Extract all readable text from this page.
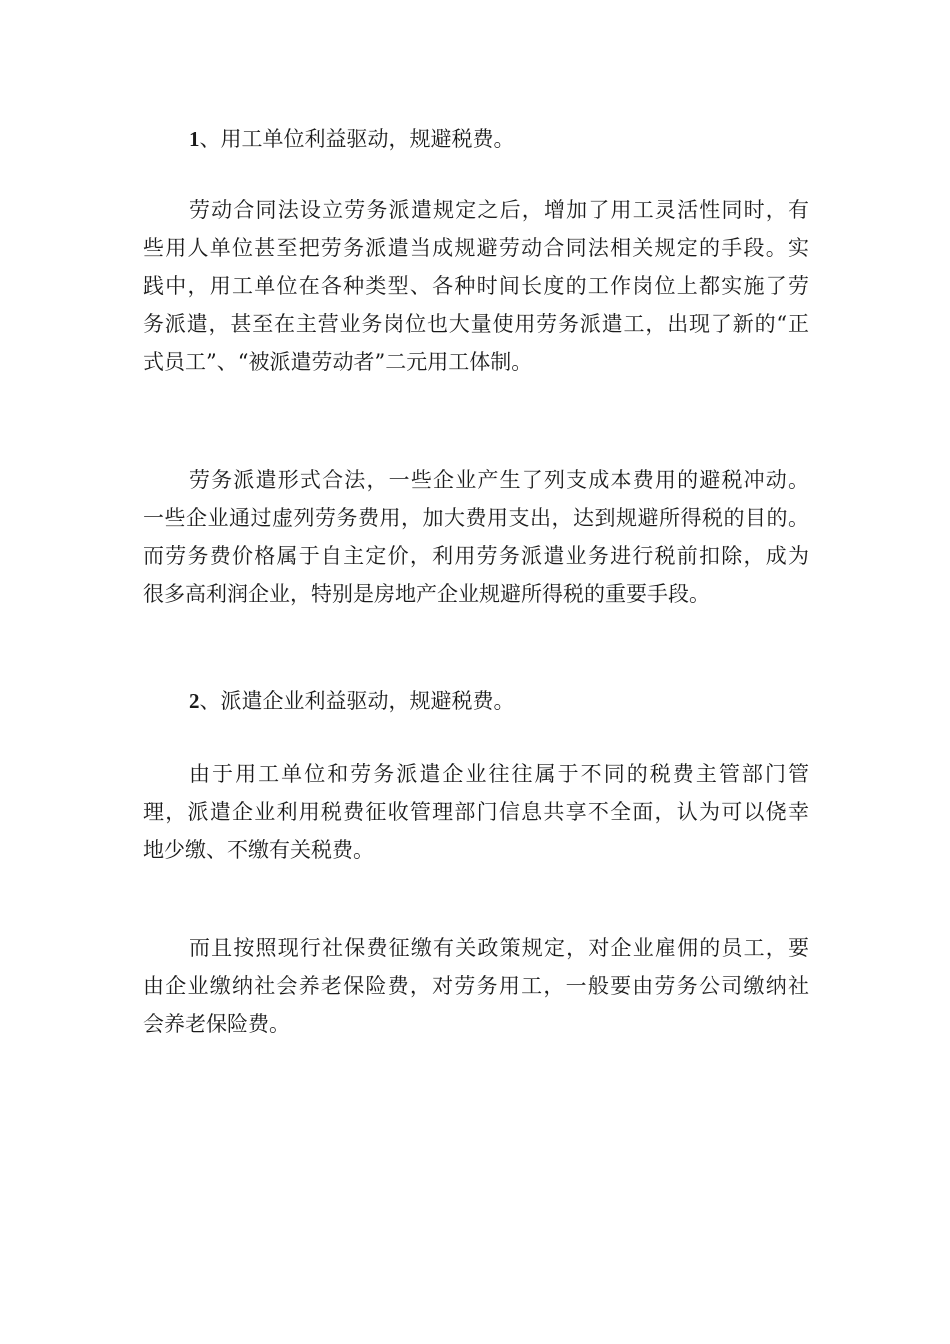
1、用工单位利益驱动，规避税费。
劳动合同法设立劳务派遣规定之后，增加了用工灵活性同时，有
些用人单位甚至把劳务派遣当成规避劳动合同法相关规定的手段。实
践中，用工单位在各种类型、各种时间长度的工作岗位上都实施了劳
务派遣，甚至在主营业务岗位也大量使用劳务派遣工，出现了新的“正
式员工”、“被派遣劳动者”二元用工体制。
劳务派遣形式合法，一些企业产生了列支成本费用的避税冲动。
一些企业通过虚列劳务费用，加大费用支出，达到规避所得税的目的。
而劳务费价格属于自主定价，利用劳务派遣业务进行税前扣除，成为
很多高利润企业，特别是房地产企业规避所得税的重要手段。
2、派遣企业利益驱动，规避税费。
由于用工单位和劳务派遣企业往往属于不同的税费主管部门管
理，派遣企业利用税费征收管理部门信息共享不全面，认为可以侥幸
地少缴、不缴有关税费。
而且按照现行社保费征缴有关政策规定，对企业雇佣的员工，要
由企业缴纳社会养老保险费，对劳务用工，一般要由劳务公司缴纳社
会养老保险费。
